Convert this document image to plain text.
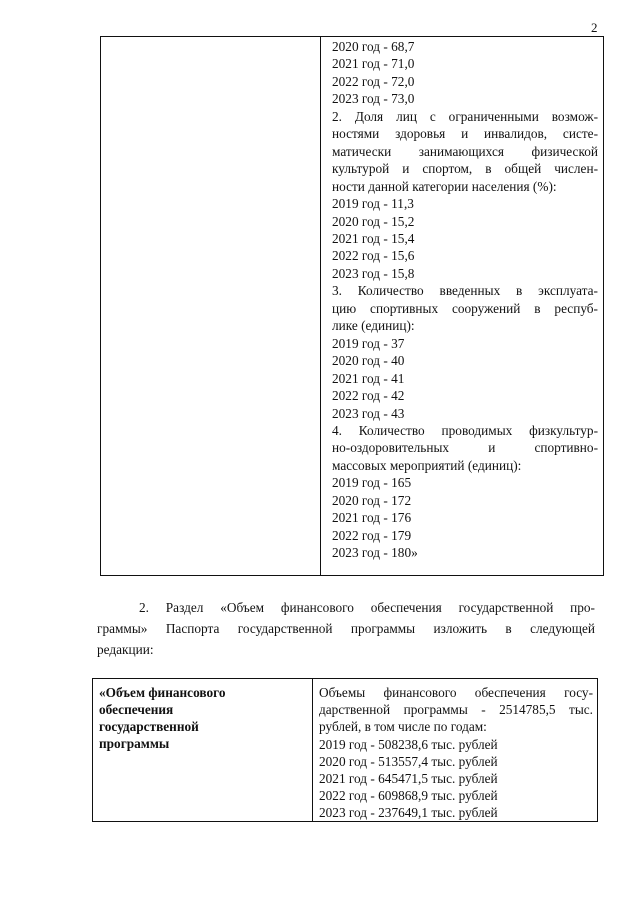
2
2020 год - 68,7
2021 год - 71,0
2022 год - 72,0
2023 год - 73,0
2. Доля лиц с ограниченными возмож-
ностями здоровья и инвалидов, систе-
матически занимающихся физической
культурой и спортом, в общей числен-
ности данной категории населения (%):
2019 год - 11,3
2020 год - 15,2
2021 год - 15,4
2022 год - 15,6
2023 год - 15,8
3. Количество введенных в эксплуата-
цию спортивных сооружений в респуб-
лике (единиц):
2019 год - 37
2020 год - 40
2021 год - 41
2022 год - 42
2023 год - 43
4. Количество проводимых физкультур-
но-оздоровительных и спортивно-
массовых мероприятий (единиц):
2019 год - 165
2020 год - 172
2021 год - 176
2022 год - 179
2023 год - 180»
2. Раздел «Объем финансового обеспечения государственной про-
граммы» Паспорта государственной программы изложить в следующей
редакции:
«Объем финансового
обеспечения
государственной
программы
Объемы финансового обеспечения госу-
дарственной программы - 2514785,5 тыс.
рублей, в том числе по годам:
2019 год - 508238,6 тыс. рублей
2020 год - 513557,4 тыс. рублей
2021 год - 645471,5 тыс. рублей
2022 год - 609868,9 тыс. рублей
2023 год - 237649,1 тыс. рублей
